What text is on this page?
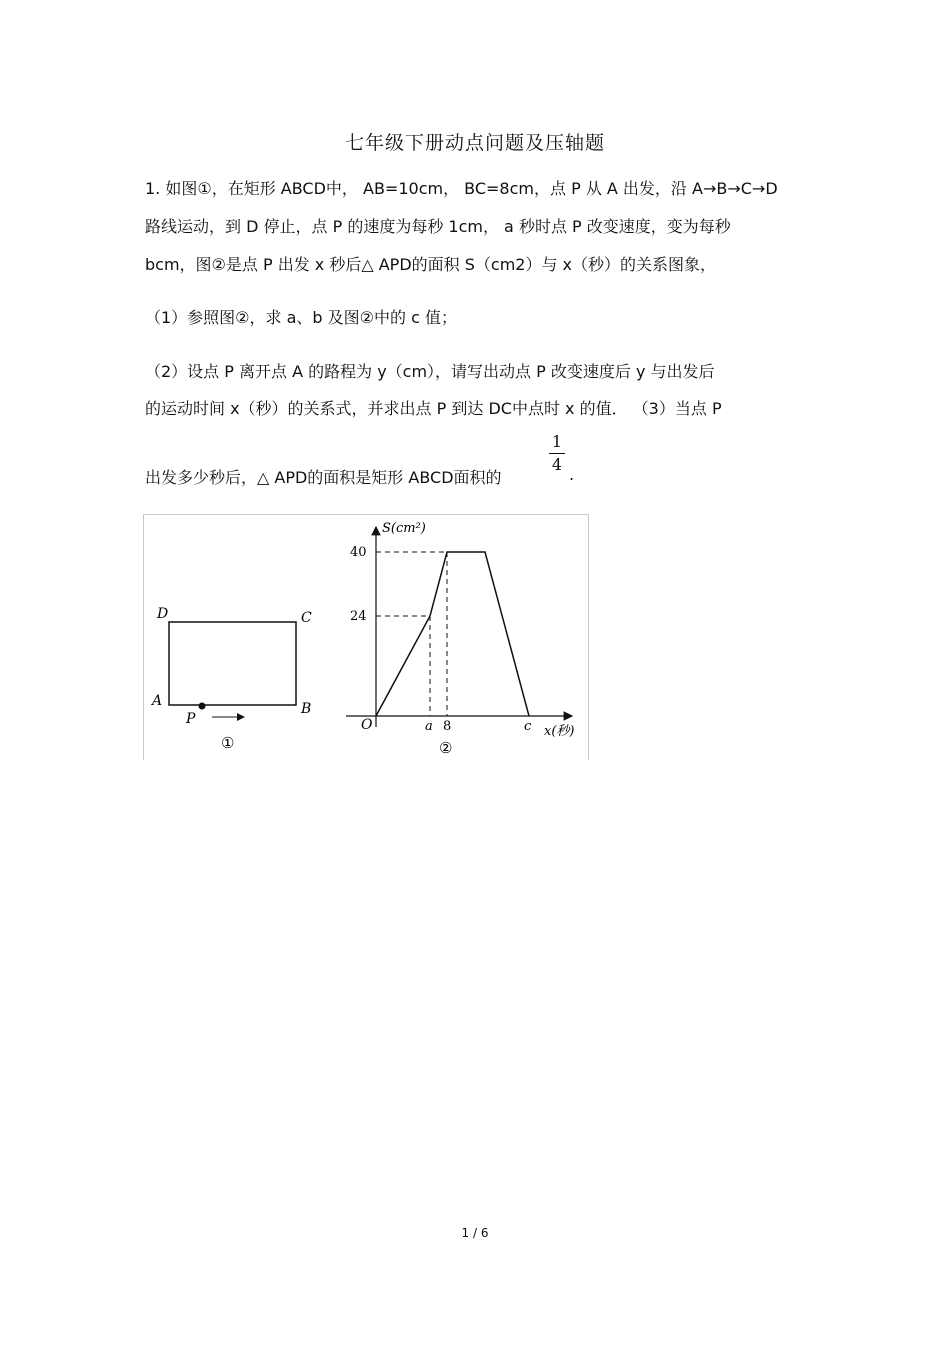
七年级下册动点问题及压轴题
1. 如图①，在矩形 ABCD中， AB=10cm， BC=8cm，点 P 从 A 出发，沿 A→B→C→D
路线运动，到 D 停止，点 P 的速度为每秒 1cm， a 秒时点 P 改变速度，变为每秒
bcm，图②是点 P 出发 x 秒后△ APD的面积 S（cm2）与 x（秒）的关系图象，
（1）参照图②，求 a、b 及图②中的 c 值；
（2）设点 P 离开点 A 的路程为 y（cm），请写出动点 P 改变速度后 y 与出发后
的运动时间 x（秒）的关系式，并求出点 P 到达 DC中点时 x 的值． （3）当点 P
出发多少秒后，△ APD的面积是矩形 ABCD面积的	.
1
4
D	C
A	B
P
①
S(cm²)
x(秒)
O
40
24
a 8	c
②
1 / 6
